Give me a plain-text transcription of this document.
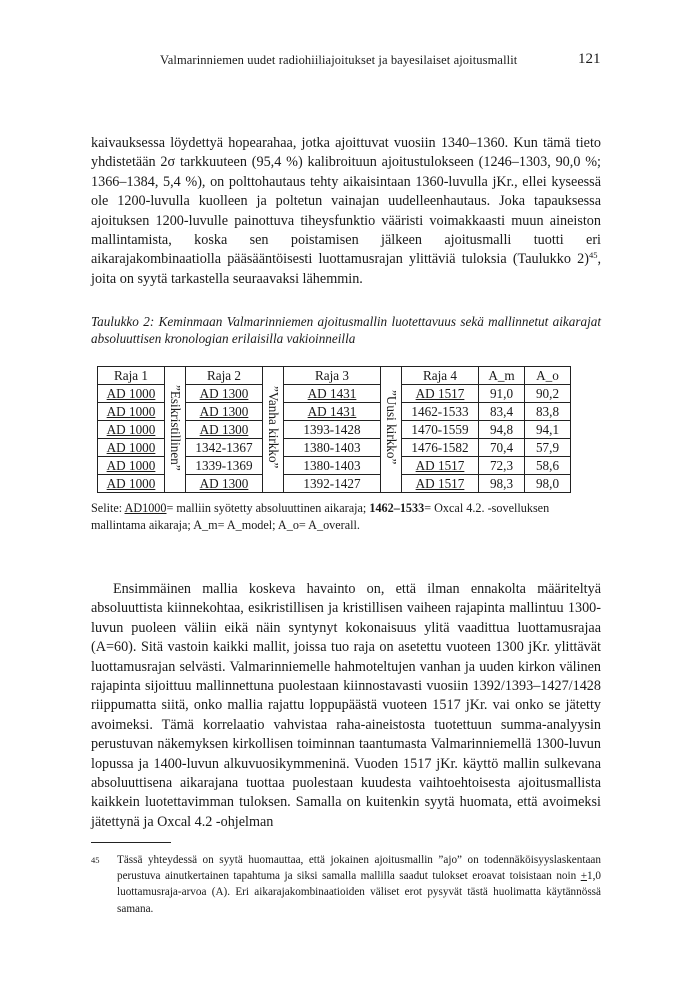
Valmarinniemen uudet radiohiiliajoitukset ja bayesilaiset ajoitusmallit	121

kaivauksessa löydettyä hopearahaa, jotka ajoittuvat vuosiin 1340–1360. Kun tämä tieto yhdistetään 2σ tarkkuuteen (95,4 %) kalibroituun ajoitustulokseen (1246–1303, 90,0 %; 1366–1384, 5,4 %), on polttohautaus tehty aikaisintaan 1360-luvulla jKr., ellei kyseessä ole 1200-luvulla kuolleen ja poltetun vainajan uudelleenhautaus. Joka tapauksessa ajoituksen 1200-luvulle painottuva tiheysfunktio vääristi voimakkaasti muun aineiston mallintamista, koska sen poistamisen jälkeen ajoitusmalli tuotti eri aikarajakombinaatiolla pääsääntöisesti luottamusrajan ylittäviä tuloksia (Taulukko 2)$^{45}$, joita on syytä tarkastella seuraavaksi lähemmin.

Taulukko 2: Keminmaan Valmarinniemen ajoitusmallin luotettavuus sekä mallinnetut aikarajat absoluuttisen kronologian erilaisilla vakioinneilla

Raja 1	”Esikristillinen”	Raja 2	”Vanha kirkko”	Raja 3	”Uusi kirkko”	Raja 4	A_m	A_o
AD 1000		AD 1300		AD 1431		AD 1517	91,0	90,2
AD 1000		AD 1300		AD 1431		1462-1533	83,4	83,8
AD 1000		AD 1300		1393-1428		1470-1559	94,8	94,1
AD 1000		1342-1367		1380-1403		1476-1582	70,4	57,9
AD 1000		1339-1369		1380-1403		AD 1517	72,3	58,6
AD 1000		AD 1300		1392-1427		AD 1517	98,3	98,0

Selite: AD1000= malliin syötetty absoluuttinen aikaraja; 1462–1533= Oxcal 4.2. -sovelluksen mallintama aikaraja; A_m= A_model; A_o= A_overall.

Ensimmäinen mallia koskeva havainto on, että ilman ennakolta määriteltyä absoluuttista kiinnekohtaa, esikristillisen ja kristillisen vaiheen rajapinta mallintuu 1300-luvun puoleen väliin eikä näin syntynyt kokonaisuus ylitä vaadittua luottamusrajaa (A=60). Sitä vastoin kaikki mallit, joissa tuo raja on asetettu vuoteen 1300 jKr. ylittävät luottamusrajan selvästi. Valmarinniemelle hahmoteltujen vanhan ja uuden kirkon välinen rajapinta sijoittuu mallinnettuna puolestaan kiinnostavasti vuosiin 1392/1393–1427/1428 riippumatta siitä, onko mallia rajattu loppupäästä vuoteen 1517 jKr. vai onko se jätetty avoimeksi. Tämä korrelaatio vahvistaa raha-aineistosta tuotettuun summa-analyysin perustuvan näkemyksen kirkollisen toiminnan taantumasta Valmarinniemellä 1300-luvun lopussa ja 1400-luvun alkuvuosikymmeninä. Vuoden 1517 jKr. käyttö mallin sulkevana absoluuttisena aikarajana tuottaa puolestaan kuudesta vaihtoehtoisesta ajoitusmallista kaikkein luotettavimman tuloksen. Samalla on kuitenkin syytä huomata, että avoimeksi jätettynä ja Oxcal 4.2 -ohjelman

45	Tässä yhteydessä on syytä huomauttaa, että jokainen ajoitusmallin ”ajo” on todennäköisyyslaskentaan perustuva ainutkertainen tapahtuma ja siksi samalla mallilla saadut tulokset eroavat toisistaan noin +1,0 luottamusraja-arvoa (A). Eri aikarajakombinaatioiden väliset erot pysyvät tästä huolimatta käytännössä samana.
